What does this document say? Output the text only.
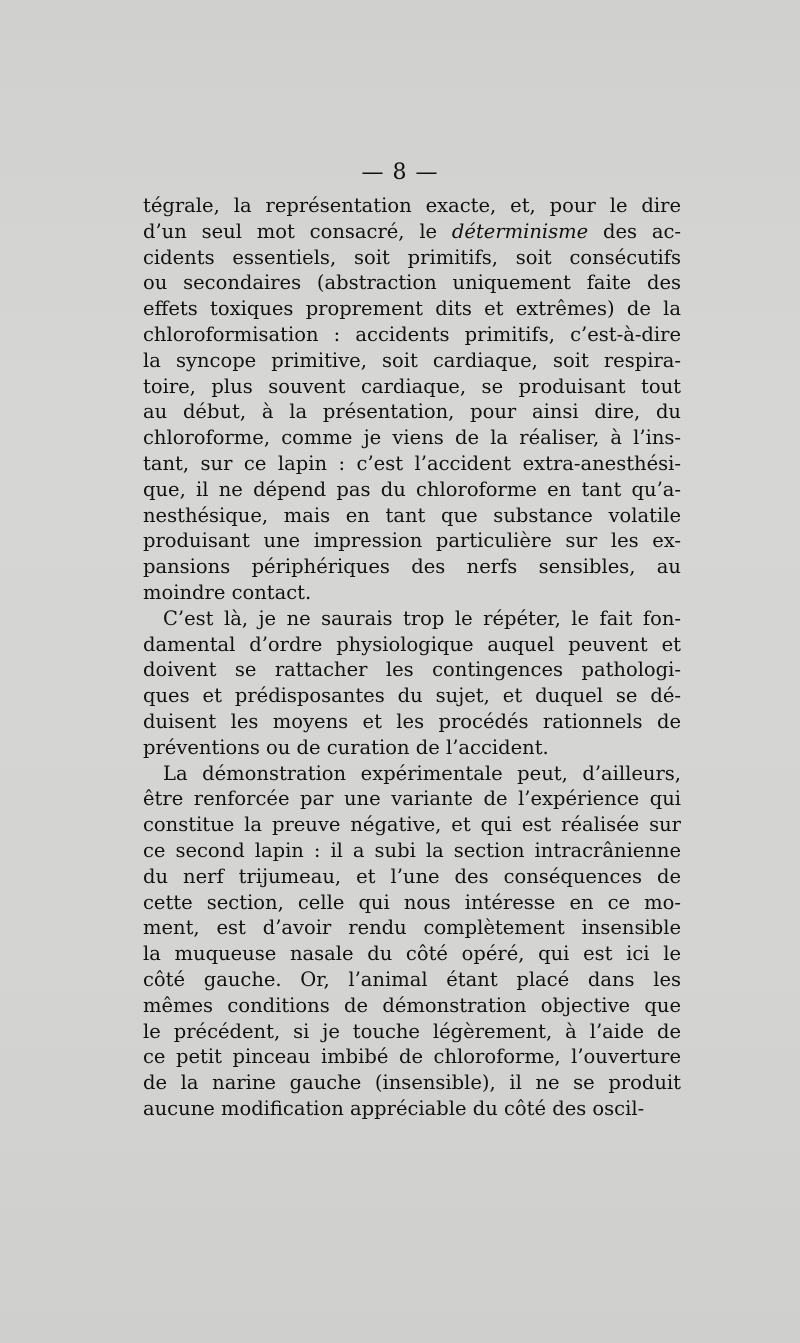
— 8 —
tégrale, la représentation exacte, et, pour le dire
d’un seul mot consacré, le déterminisme des ac-
cidents essentiels, soit primitifs, soit consécutifs
ou secondaires (abstraction uniquement faite des
effets toxiques proprement dits et extrêmes) de la
chloroformisation : accidents primitifs, c’est-à-dire
la syncope primitive, soit cardiaque, soit respira-
toire, plus souvent cardiaque, se produisant tout
au début, à la présentation, pour ainsi dire, du
chloroforme, comme je viens de la réaliser, à l’ins-
tant, sur ce lapin : c’est l’accident extra-anesthési-
que, il ne dépend pas du chloroforme en tant qu’a-
nesthésique, mais en tant que substance volatile
produisant une impression particulière sur les ex-
pansions périphériques des nerfs sensibles, au
moindre contact.
C’est là, je ne saurais trop le répéter, le fait fon-
damental d’ordre physiologique auquel peuvent et
doivent se rattacher les contingences pathologi-
ques et prédisposantes du sujet, et duquel se dé-
duisent les moyens et les procédés rationnels de
préventions ou de curation de l’accident.
La démonstration expérimentale peut, d’ailleurs,
être renforcée par une variante de l’expérience qui
constitue la preuve négative, et qui est réalisée sur
ce second lapin : il a subi la section intracrânienne
du nerf trijumeau, et l’une des conséquences de
cette section, celle qui nous intéresse en ce mo-
ment, est d’avoir rendu complètement insensible
la muqueuse nasale du côté opéré, qui est ici le
côté gauche. Or, l’animal étant placé dans les
mêmes conditions de démonstration objective que
le précédent, si je touche légèrement, à l’aide de
ce petit pinceau imbibé de chloroforme, l’ouverture
de la narine gauche (insensible), il ne se produit
aucune modification appréciable du côté des oscil-
